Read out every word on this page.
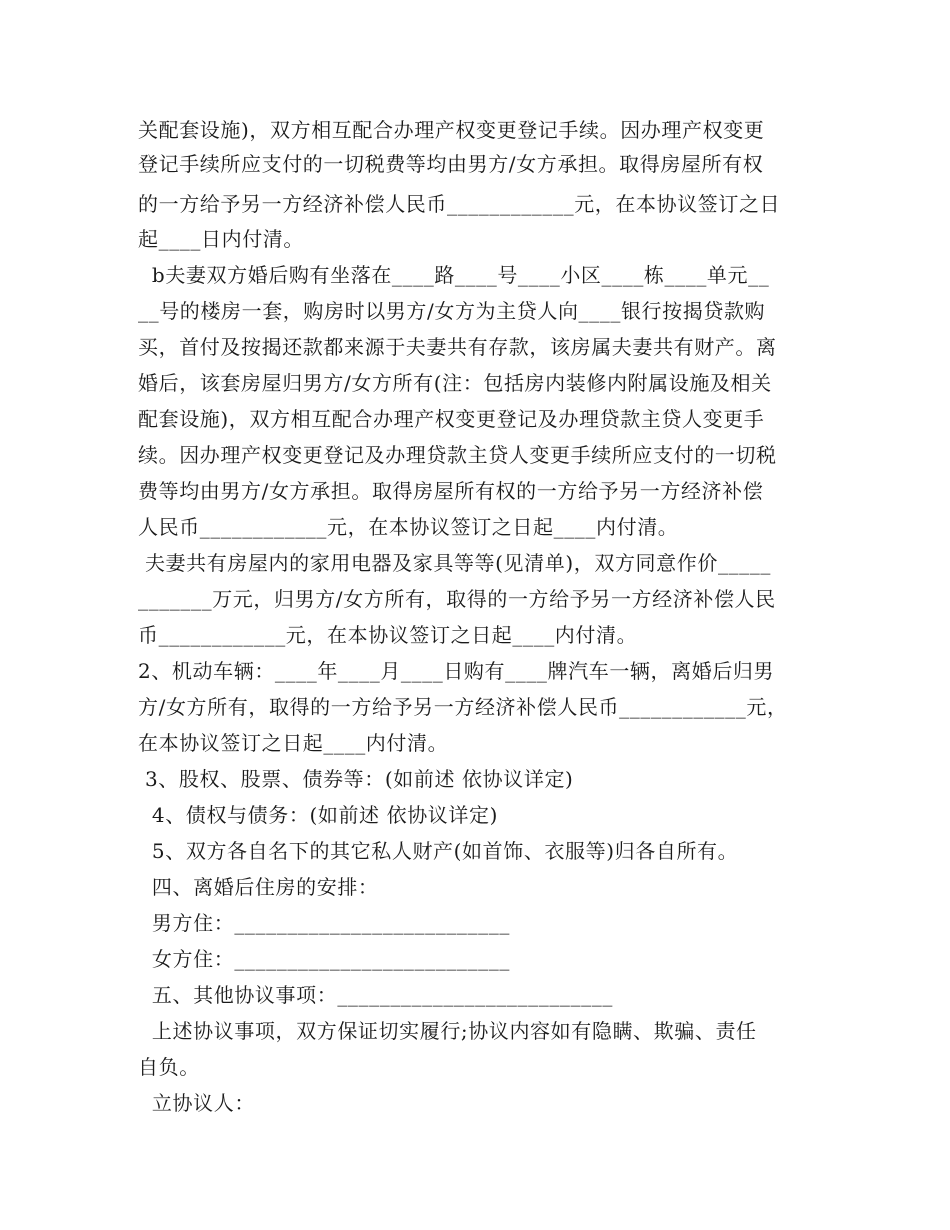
关配套设施)，双方相互配合办理产权变更登记手续。因办理产权变更

登记手续所应支付的一切税费等均由男方/女方承担。取得房屋所有权

的一方给予另一方经济补偿人民币____________元，在本协议签订之日

起____日内付清。

b夫妻双方婚后购有坐落在____路____号____小区____栋____单元__

__号的楼房一套，购房时以男方/女方为主贷人向____银行按揭贷款购

买，首付及按揭还款都来源于夫妻共有存款，该房属夫妻共有财产。离

婚后，该套房屋归男方/女方所有(注：包括房内装修内附属设施及相关

配套设施)，双方相互配合办理产权变更登记及办理贷款主贷人变更手

续。因办理产权变更登记及办理贷款主贷人变更手续所应支付的一切税

费等均由男方/女方承担。取得房屋所有权的一方给予另一方经济补偿

人民币____________元，在本协议签订之日起____内付清。

夫妻共有房屋内的家用电器及家具等等(见清单)，双方同意作价_____

_______万元，归男方/女方所有，取得的一方给予另一方经济补偿人民

币____________元，在本协议签订之日起____内付清。

2、机动车辆：____年____月____日购有____牌汽车一辆，离婚后归男

方/女方所有，取得的一方给予另一方经济补偿人民币____________元，

在本协议签订之日起____内付清。

3、股权、股票、债券等：(如前述 依协议详定)

4、债权与债务：(如前述 依协议详定)

5、双方各自名下的其它私人财产(如首饰、衣服等)归各自所有。

四、离婚后住房的安排：

男方住：__________________________

女方住：__________________________

五、其他协议事项：__________________________

上述协议事项，双方保证切实履行;协议内容如有隐瞒、欺骗、责任

自负。

立协议人：
